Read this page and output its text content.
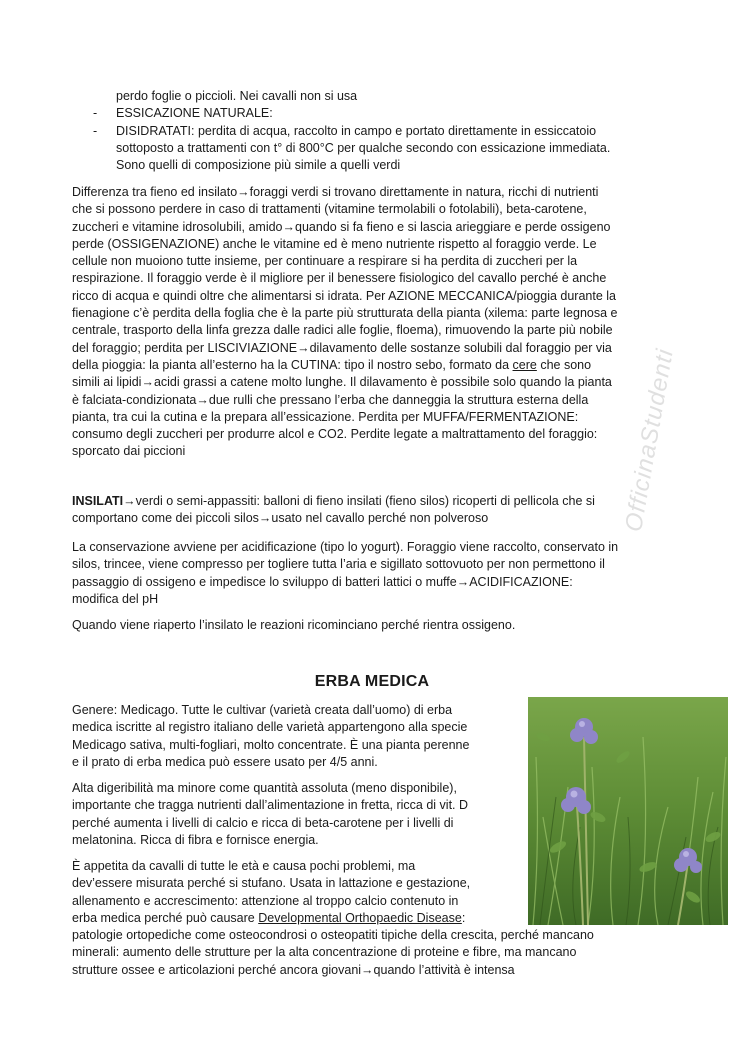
perdo foglie o piccioli. Nei cavalli non si usa

- ESSICAZIONE NATURALE:

- DISIDRATATI: perdita di acqua, raccolto in campo e portato direttamente in essiccatoio

sottoposto a trattamenti con t° di 800°C per qualche secondo con essicazione immediata.

Sono quelli di composizione più simile a quelli verdi

Differenza tra fieno ed insilato→foraggi verdi si trovano direttamente in natura, ricchi di nutrienti

che si possono perdere in caso di trattamenti (vitamine termolabili o fotolabili), beta-carotene,

zuccheri e vitamine idrosolubili, amido→quando si fa fieno e si lascia arieggiare e perde ossigeno

perde (OSSIGENAZIONE) anche le vitamine ed è meno nutriente rispetto al foraggio verde. Le

cellule non muoiono tutte insieme, per continuare a respirare si ha perdita di zuccheri per la

respirazione. Il foraggio verde è il migliore per il benessere fisiologico del cavallo perché è anche

ricco di acqua e quindi oltre che alimentarsi si idrata. Per AZIONE MECCANICA/pioggia durante la

fienagione c’è perdita della foglia che è la parte più strutturata della pianta (xilema: parte legnosa e

centrale, trasporto della linfa grezza dalle radici alle foglie, floema), rimuovendo la parte più nobile

del foraggio; perdita per LISCIVIAZIONE→dilavamento delle sostanze solubili dal foraggio per via

della pioggia: la pianta all’esterno ha la CUTINA: tipo il nostro sebo, formato da cere che sono

simili ai lipidi→acidi grassi a catene molto lunghe. Il dilavamento è possibile solo quando la pianta

è falciata-condizionata→due rulli che pressano l’erba che danneggia la struttura esterna della

pianta, tra cui la cutina e la prepara all’essicazione. Perdita per MUFFA/FERMENTAZIONE:

consumo degli zuccheri per produrre alcol e CO2. Perdite legate a maltrattamento del foraggio:

sporcato dai piccioni

INSILATI→verdi o semi-appassiti: balloni di fieno insilati (fieno silos) ricoperti di pellicola che si

comportano come dei piccoli silos→usato nel cavallo perché non polveroso

La conservazione avviene per acidificazione (tipo lo yogurt). Foraggio viene raccolto, conservato in

silos, trincee, viene compresso per togliere tutta l’aria e sigillato sottovuoto per non permettono il

passaggio di ossigeno e impedisce lo sviluppo di batteri lattici o muffe→ACIDIFICAZIONE:

modifica del pH

Quando viene riaperto l’insilato le reazioni ricominciano perché rientra ossigeno.

OfficinaStudenti
ERBA MEDICA

Genere: Medicago. Tutte le cultivar (varietà creata dall’uomo) di erba

medica iscritte al registro italiano delle varietà appartengono alla specie

Medicago sativa, multi-fogliari, molto concentrate. È una pianta perenne

e il prato di erba medica può essere usato per 4/5 anni.

Alta digeribilità ma minore come quantità assoluta (meno disponibile),

importante che tragga nutrienti dall’alimentazione in fretta, ricca di vit. D

perché aumenta i livelli di calcio e ricca di beta-carotene per i livelli di

melatonina. Ricca di fibra e fornisce energia.

È appetita da cavalli di tutte le età e causa pochi problemi, ma

dev’essere misurata perché si stufano. Usata in lattazione e gestazione,

allenamento e accrescimento: attenzione al troppo calcio contenuto in

erba medica perché può causare Developmental Orthopaedic Disease:

patologie ortopediche come osteocondrosi o osteopatiti tipiche della crescita, perché mancano

minerali: aumento delle strutture per la alta concentrazione di proteine e fibre, ma mancano

strutture ossee e articolazioni perché ancora giovani→quando l’attività è intensa
